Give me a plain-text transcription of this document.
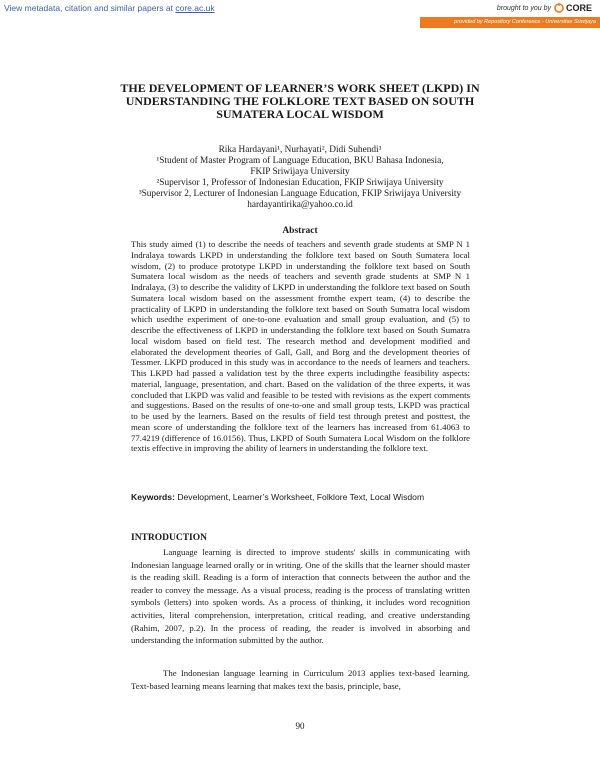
View metadata, citation and similar papers at core.ac.uk	brought to you by CORE
provided by Repository Conference - Universitas Sriwijaya
THE DEVELOPMENT OF LEARNER’S WORK SHEET (LKPD) IN UNDERSTANDING THE FOLKLORE TEXT BASED ON SOUTH SUMATERA LOCAL WISDOM
Rika Hardayani¹, Nurhayati², Didi Suhendi³
¹Student of Master Program of Language Education, BKU Bahasa Indonesia,
FKIP Sriwijaya University
²Supervisor 1, Professor of Indonesian Education, FKIP Sriwijaya University
³Supervisor 2, Lecturer of Indonesian Language Education, FKIP Sriwijaya University
hardayantirika@yahoo.co.id
Abstract

This study aimed (1) to describe the needs of teachers and seventh grade students at SMP N 1 Indralaya towards LKPD in understanding the folklore text based on South Sumatera local wisdom, (2) to produce prototype LKPD in understanding the folklore text based on South Sumatera local wisdom as the needs of teachers and seventh grade students at SMP N 1 Indralaya, (3) to describe the validity of LKPD in understanding the folklore text based on South Sumatera local wisdom based on the assessment fromthe expert team, (4) to describe the practicality of LKPD in understanding the folklore text based on South Sumatra local wisdom which usedthe experiment of one-to-one evaluation and small group evaluation, and (5) to describe the effectiveness of LKPD in understanding the folklore text based on South Sumatra local wisdom based on field test. The research method and development modified and elaborated the development theories of Gall, Gall, and Borg and the development theories of Tessmer. LKPD produced in this study was in accordance to the needs of learners and teachers. This LKPD had passed a validation test by the three experts includingthe feasibility aspects: material, language, presentation, and chart. Based on the validation of the three experts, it was concluded that LKPD was valid and feasible to be tested with revisions as the expert comments and suggestions. Based on the results of one-to-one and small group tests, LKPD was practical to be used by the learners. Based on the results of field test through pretest and posttest, the mean score of understanding the folklore text of the learners has increased from 61.4063 to 77.4219 (difference of 16.0156). Thus, LKPD of South Sumatera Local Wisdom on the folklore textis effective in improving the ability of learners in understanding the folklore text.

Keywords: Development, Learner’s Worksheet, Folklore Text, Local Wisdom

INTRODUCTION

Language learning is directed to improve students' skills in communicating with Indonesian language learned orally or in writing. One of the skills that the learner should master is the reading skill. Reading is a form of interaction that connects between the author and the reader to convey the message. As a visual process, reading is the process of translating written symbols (letters) into spoken words. As a process of thinking, it includes word recognition activities, literal comprehension, interpretation, critical reading, and creative understanding (Rahim, 2007, p.2). In the process of reading, the reader is involved in absorbing and understanding the information submitted by the author.

The Indonesian language learning in Curriculum 2013 applies text-based learning. Text-based learning means learning that makes text the basis, principle, base,

90
